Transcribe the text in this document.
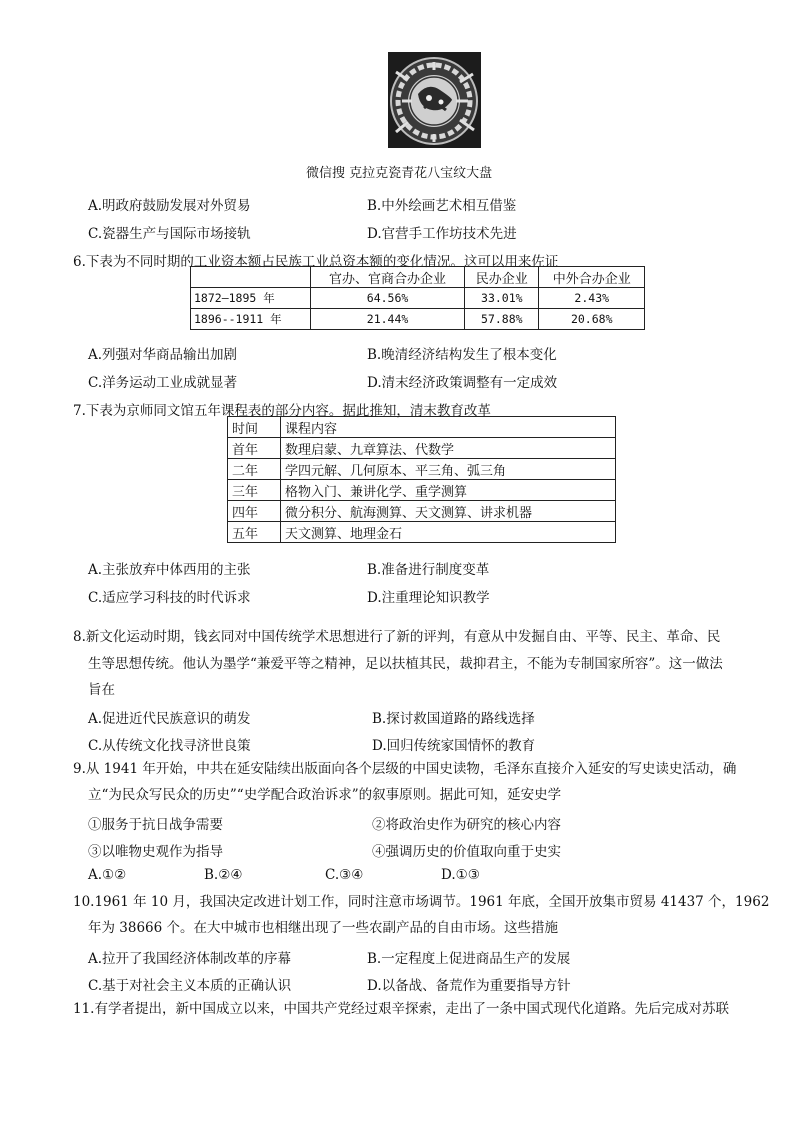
微信搜 克拉克瓷青花八宝纹大盘
A.明政府鼓励发展对外贸易	B.中外绘画艺术相互借鉴
C.瓷器生产与国际市场接轨	D.官营手工作坊技术先进
6.下表为不同时期的工业资本额占民族工业总资本额的变化情况。这可以用来佐证
	官办、官商合办企业	民办企业	中外合办企业
1872—1895 年	64.56%	33.01%	2.43%
1896--1911 年	21.44%	57.88%	20.68%
A.列强对华商品输出加剧	B.晚清经济结构发生了根本变化
C.洋务运动工业成就显著	D.清末经济政策调整有一定成效
7.下表为京师同文馆五年课程表的部分内容。据此推知，清末教育改革
时间	课程内容
首年	数理启蒙、九章算法、代数学
二年	学四元解、几何原本、平三角、弧三角
三年	格物入门、兼讲化学、重学测算
四年	微分积分、航海测算、天文测算、讲求机器
五年	天文测算、地理金石
A.主张放弃中体西用的主张	B.准备进行制度变革
C.适应学习科技的时代诉求	D.注重理论知识教学
8.新文化运动时期，钱玄同对中国传统学术思想进行了新的评判，有意从中发掘自由、平等、民主、革命、民
生等思想传统。他认为墨学“兼爱平等之精神，足以扶植其民，裁抑君主，不能为专制国家所容”。这一做法
旨在
A.促进近代民族意识的萌发	B.探讨救国道路的路线选择
C.从传统文化找寻济世良策	D.回归传统家国情怀的教育
9.从 1941 年开始，中共在延安陆续出版面向各个层级的中国史读物，毛泽东直接介入延安的写史读史活动，确
立“为民众写民众的历史”“史学配合政治诉求”的叙事原则。据此可知，延安史学
①服务于抗日战争需要	②将政治史作为研究的核心内容
③以唯物史观作为指导	④强调历史的价值取向重于史实
A.①②	B.②④	C.③④	D.①③
10.1961 年 10 月，我国决定改进计划工作，同时注意市场调节。1961 年底，全国开放集市贸易 41437 个，1962
年为 38666 个。在大中城市也相继出现了一些农副产品的自由市场。这些措施
A.拉开了我国经济体制改革的序幕	B.一定程度上促进商品生产的发展
C.基于对社会主义本质的正确认识	D.以备战、备荒作为重要指导方针
11.有学者提出，新中国成立以来，中国共产党经过艰辛探索，走出了一条中国式现代化道路。先后完成对苏联
